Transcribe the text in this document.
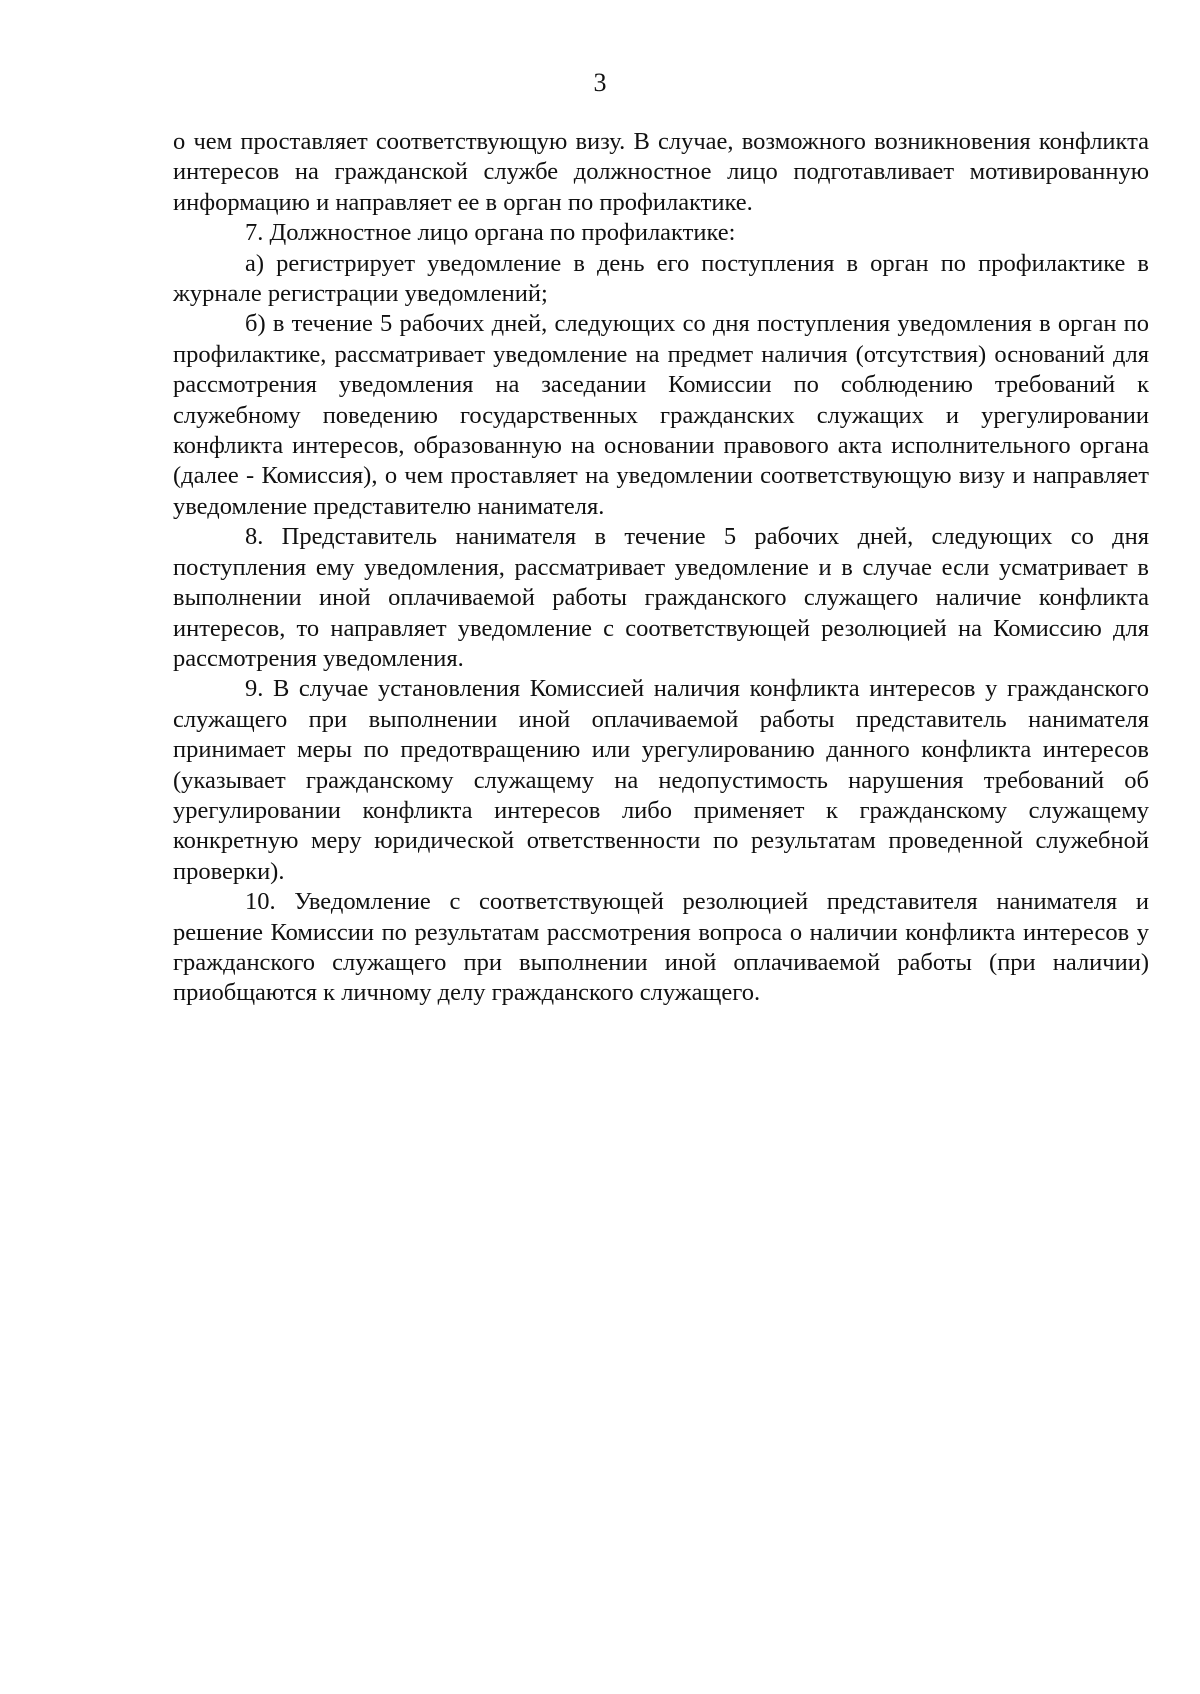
3

о чем проставляет соответствующую визу. В случае, возможного возникновения конфликта интересов на гражданской службе должностное лицо подготавливает мотивированную информацию и направляет ее в орган по профилактике.

7. Должностное лицо органа по профилактике:

а) регистрирует уведомление в день его поступления в орган по профилактике в журнале регистрации уведомлений;

б) в течение 5 рабочих дней, следующих со дня поступления уведомления в орган по профилактике, рассматривает уведомление на предмет наличия (отсутствия) оснований для рассмотрения уведомления на заседании Комиссии по соблюдению требований к служебному поведению государственных гражданских служащих и урегулировании конфликта интересов, образованную на основании правового акта исполнительного органа (далее - Комиссия), о чем проставляет на уведомлении соответствующую визу и направляет уведомление представителю нанимателя.

8. Представитель нанимателя в течение 5 рабочих дней, следующих со дня поступления ему уведомления, рассматривает уведомление и в случае если усматривает в выполнении иной оплачиваемой работы гражданского служащего наличие конфликта интересов, то направляет уведомление с соответствующей резолюцией на Комиссию для рассмотрения уведомления.

9. В случае установления Комиссией наличия конфликта интересов у гражданского служащего при выполнении иной оплачиваемой работы представитель нанимателя принимает меры по предотвращению или урегулированию данного конфликта интересов (указывает гражданскому служащему на недопустимость нарушения требований об урегулировании конфликта интересов либо применяет к гражданскому служащему конкретную меру юридической ответственности по результатам проведенной служебной проверки).

10. Уведомление с соответствующей резолюцией представителя нанимателя и решение Комиссии по результатам рассмотрения вопроса о наличии конфликта интересов у гражданского служащего при выполнении иной оплачиваемой работы (при наличии) приобщаются к личному делу гражданского служащего.
